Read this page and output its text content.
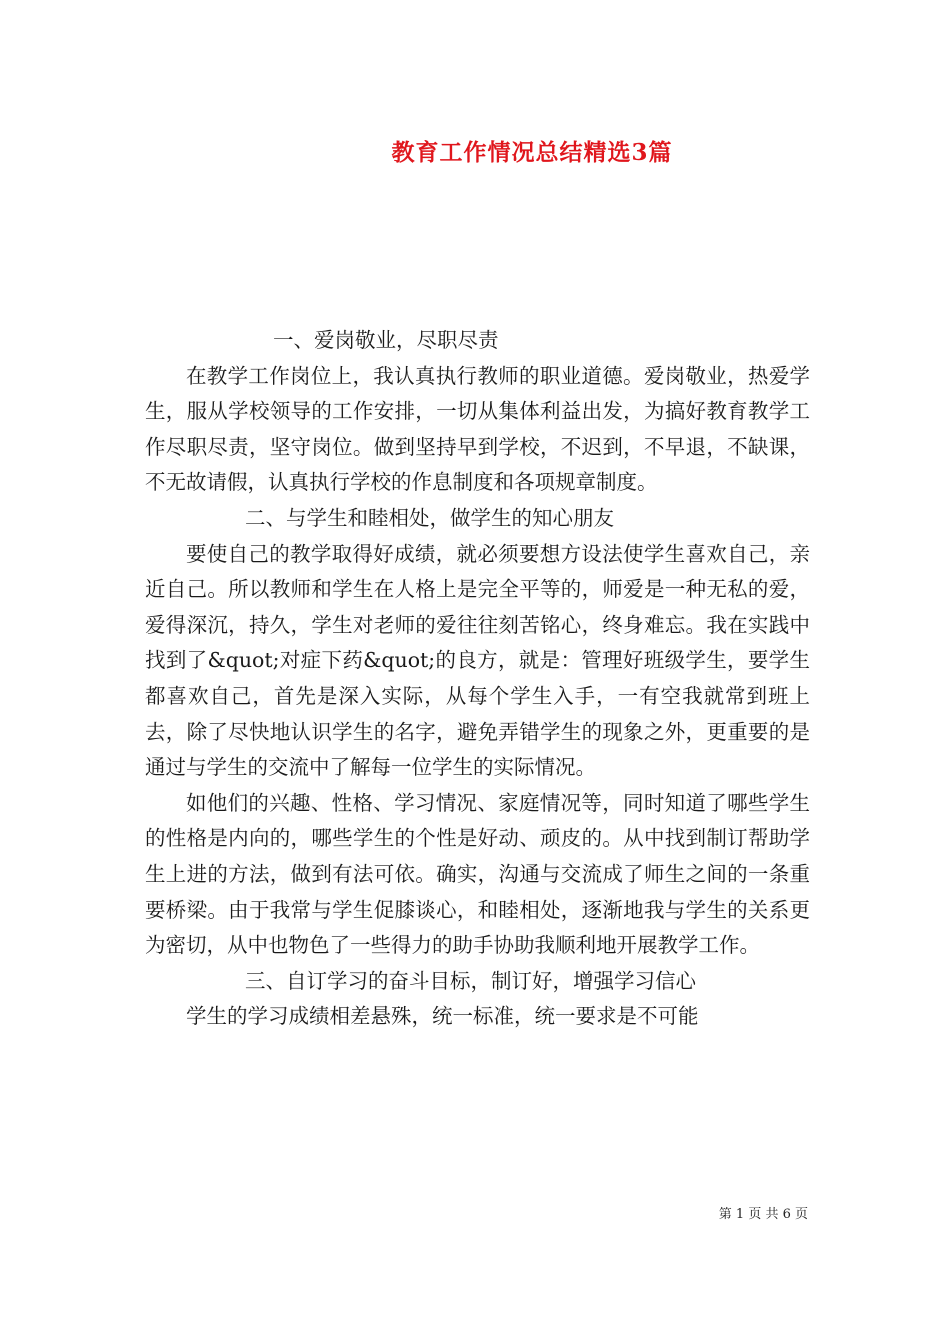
教育工作情况总结精选3篇

一、爱岗敬业，尽职尽责

在教学工作岗位上，我认真执行教师的职业道德。爱岗敬业，热爱学生，服从学校领导的工作安排，一切从集体利益出发，为搞好教育教学工作尽职尽责，坚守岗位。做到坚持早到学校，不迟到，不早退，不缺课，不无故请假，认真执行学校的作息制度和各项规章制度。

二、与学生和睦相处，做学生的知心朋友

要使自己的教学取得好成绩，就必须要想方设法使学生喜欢自己，亲近自己。所以教师和学生在人格上是完全平等的，师爱是一种无私的爱，爱得深沉，持久，学生对老师的爱往往刻苦铭心，终身难忘。我在实践中找到了&quot;对症下药&quot;的良方，就是：管理好班级学生，要学生都喜欢自己，首先是深入实际，从每个学生入手，一有空我就常到班上去，除了尽快地认识学生的名字，避免弄错学生的现象之外，更重要的是通过与学生的交流中了解每一位学生的实际情况。

如他们的兴趣、性格、学习情况、家庭情况等，同时知道了哪些学生的性格是内向的，哪些学生的个性是好动、顽皮的。从中找到制订帮助学生上进的方法，做到有法可依。确实，沟通与交流成了师生之间的一条重要桥梁。由于我常与学生促膝谈心，和睦相处，逐渐地我与学生的关系更为密切，从中也物色了一些得力的助手协助我顺利地开展教学工作。

三、自订学习的奋斗目标，制订好，增强学习信心

学生的学习成绩相差悬殊，统一标准，统一要求是不可能

第 1 页 共 6 页
